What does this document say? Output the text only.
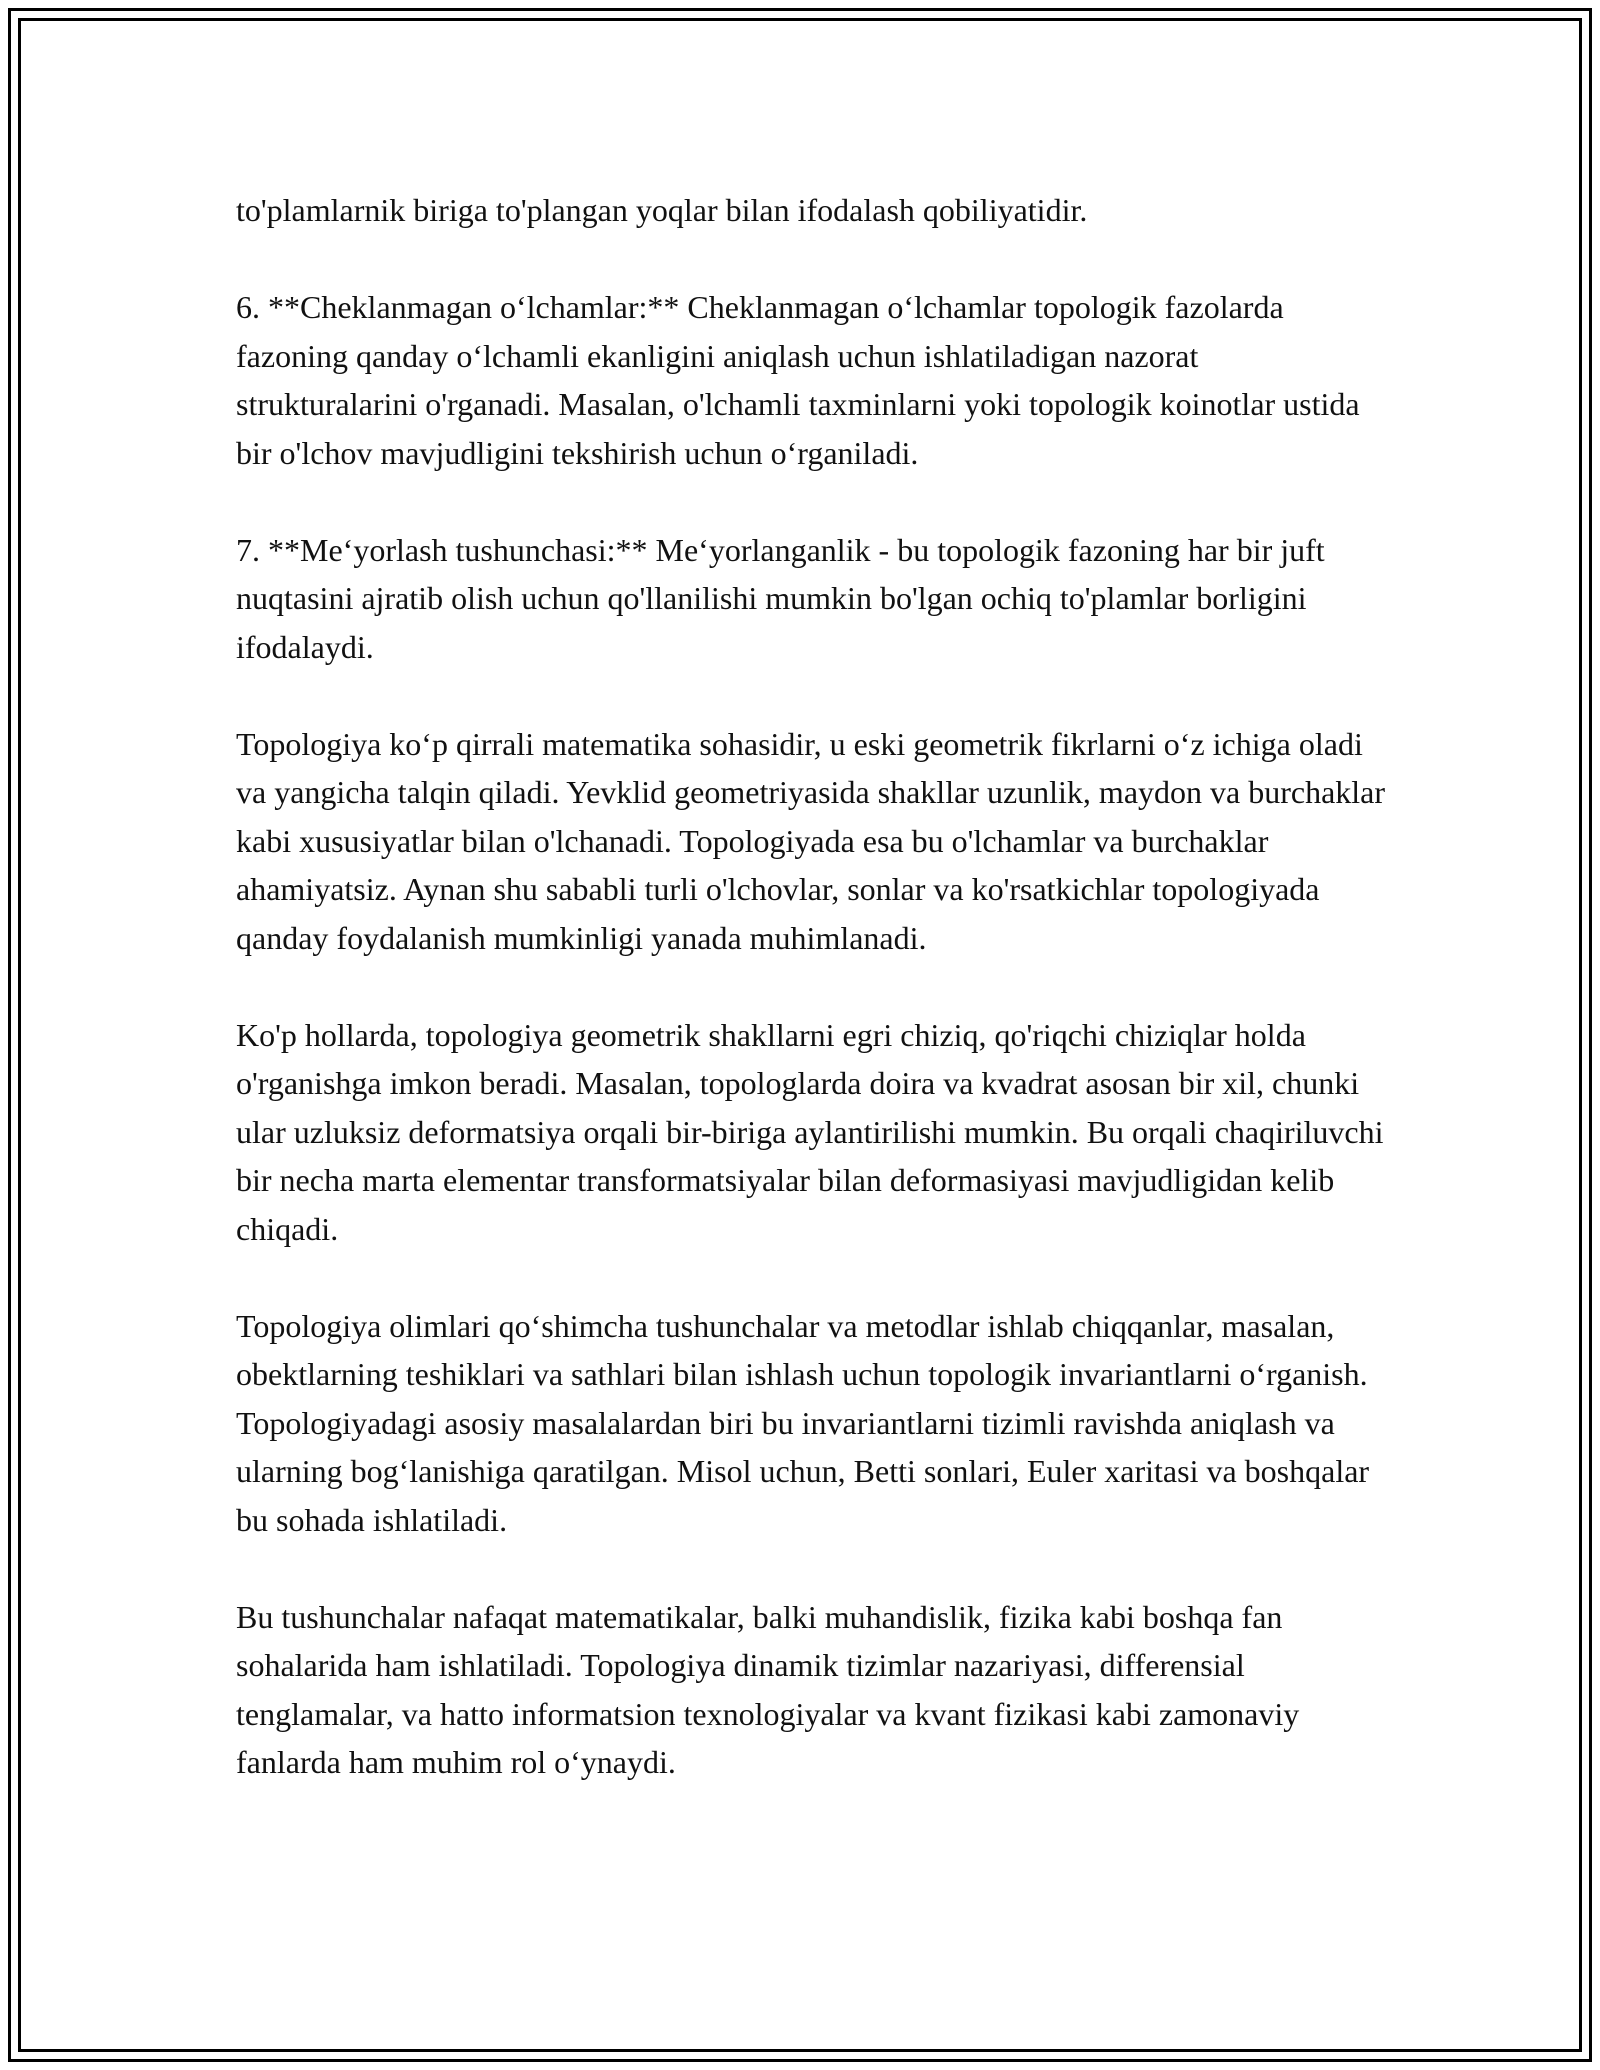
to'plamlarnik biriga to'plangan yoqlar bilan ifodalash qobiliyatidir.

6. **Cheklanmagan o‘lchamlar:** Cheklanmagan o‘lchamlar topologik fazolarda fazoning qanday o‘lchamli ekanligini aniqlash uchun ishlatiladigan nazorat strukturalarini o'rganadi. Masalan, o'lchamli taxminlarni yoki topologik koinotlar ustida bir o'lchov mavjudligini tekshirish uchun o‘rganiladi.

7. **Me‘yorlash tushunchasi:** Me‘yorlanganlik - bu topologik fazoning har bir juft nuqtasini ajratib olish uchun qo'llanilishi mumkin bo'lgan ochiq to'plamlar borligini ifodalaydi.

Topologiya ko‘p qirrali matematika sohasidir, u eski geometrik fikrlarni o‘z ichiga oladi va yangicha talqin qiladi. Yevklid geometriyasida shakllar uzunlik, maydon va burchaklar kabi xususiyatlar bilan o'lchanadi. Topologiyada esa bu o'lchamlar va burchaklar ahamiyatsiz. Aynan shu sababli turli o'lchovlar, sonlar va ko'rsatkichlar topologiyada qanday foydalanish mumkinligi yanada muhimlanadi.

Ko'p hollarda, topologiya geometrik shakllarni egri chiziq, qo'riqchi chiziqlar holda o'rganishga imkon beradi. Masalan, topologlarda doira va kvadrat asosan bir xil, chunki ular uzluksiz deformatsiya orqali bir-biriga aylantirilishi mumkin. Bu orqali chaqiriluvchi bir necha marta elementar transformatsiyalar bilan deformasiyasi mavjudligidan kelib chiqadi.

Topologiya olimlari qo‘shimcha tushunchalar va metodlar ishlab chiqqanlar, masalan, obektlarning teshiklari va sathlari bilan ishlash uchun topologik invariantlarni o‘rganish. Topologiyadagi asosiy masalalardan biri bu invariantlarni tizimli ravishda aniqlash va ularning bog‘lanishiga qaratilgan. Misol uchun, Betti sonlari, Euler xaritasi va boshqalar bu sohada ishlatiladi.

Bu tushunchalar nafaqat matematikalar, balki muhandislik, fizika kabi boshqa fan sohalarida ham ishlatiladi. Topologiya dinamik tizimlar nazariyasi, differensial tenglamalar, va hatto informatsion texnologiyalar va kvant fizikasi kabi zamonaviy fanlarda ham muhim rol o‘ynaydi.
